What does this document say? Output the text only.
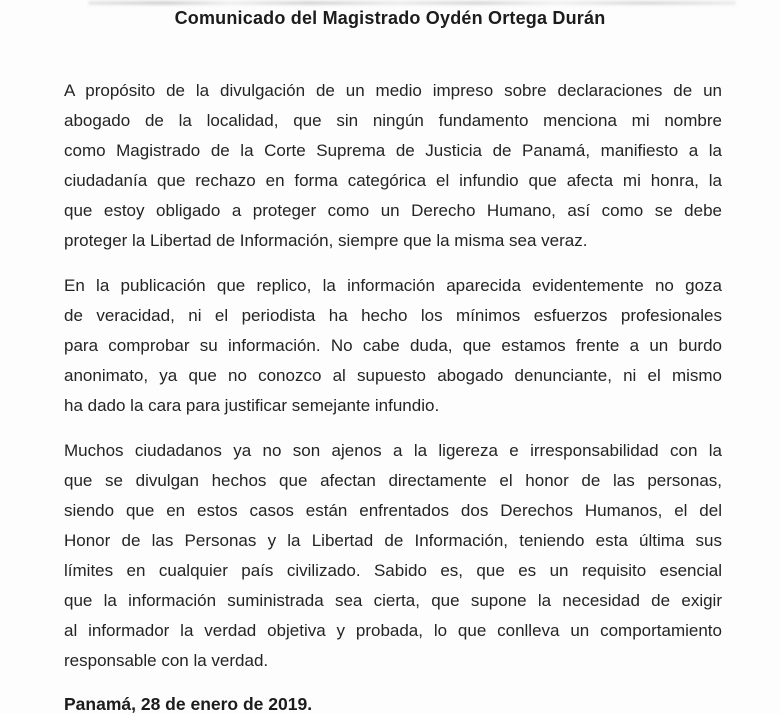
Comunicado del Magistrado Oydén Ortega Durán
A propósito de la divulgación de un medio impreso sobre declaraciones de un
abogado de la localidad, que sin ningún fundamento menciona mi nombre
como Magistrado de la Corte Suprema de Justicia de Panamá, manifiesto a la
ciudadanía que rechazo en forma categórica el infundio que afecta mi honra, la
que estoy obligado a proteger como un Derecho Humano, así como se debe
proteger la Libertad de Información, siempre que la misma sea veraz.
En la publicación que replico, la información aparecida evidentemente no goza
de veracidad, ni el periodista ha hecho los mínimos esfuerzos profesionales
para comprobar su información. No cabe duda, que estamos frente a un burdo
anonimato, ya que no conozco al supuesto abogado denunciante, ni el mismo
ha dado la cara para justificar semejante infundio.
Muchos ciudadanos ya no son ajenos a la ligereza e irresponsabilidad con la
que se divulgan hechos que afectan directamente el honor de las personas,
siendo que en estos casos están enfrentados dos Derechos Humanos, el del
Honor de las Personas y la Libertad de Información, teniendo esta última sus
límites en cualquier país civilizado. Sabido es, que es un requisito esencial
que la información suministrada sea cierta, que supone la necesidad de exigir
al informador la verdad objetiva y probada, lo que conlleva un comportamiento
responsable con la verdad.
Panamá, 28 de enero de 2019.
